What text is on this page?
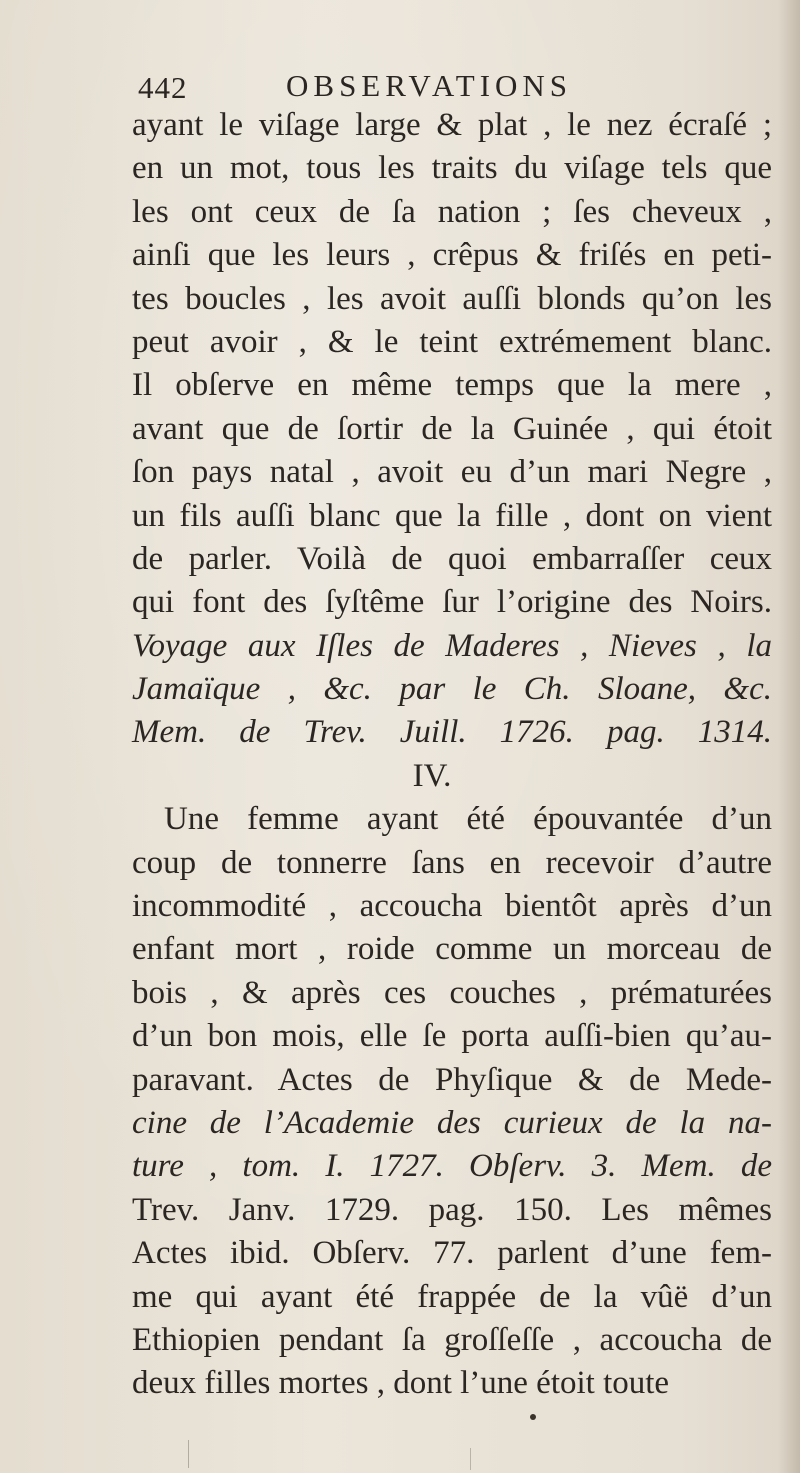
442	OBSERVATIONS
ayant le viſage large & plat , le nez écraſé ;
en un mot, tous les traits du viſage tels que
les ont ceux de ſa nation ; ſes cheveux ,
ainſi que les leurs , crêpus & friſés en peti-
tes boucles , les avoit auſſi blonds qu’on les
peut avoir , & le teint extrémement blanc.
Il obſerve en même temps que la mere ,
avant que de ſortir de la Guinée , qui étoit
ſon pays natal , avoit eu d’un mari Negre ,
un fils auſſi blanc que la fille , dont on vient
de parler. Voilà de quoi embarraſſer ceux
qui font des ſyſtême ſur l’origine des Noirs.
Voyage aux Iſles de Maderes , Nieves , la
Jamaïque , &c. par le Ch. Sloane, &c.
Mem. de Trev. Juill. 1726. pag. 1314.
IV.
Une femme ayant été épouvantée d’un
coup de tonnerre ſans en recevoir d’autre
incommodité , accoucha bientôt après d’un
enfant mort , roide comme un morceau de
bois , & après ces couches , prématurées
d’un bon mois, elle ſe porta auſſi-bien qu’au-
paravant. Actes de Phyſique & de Mede-
cine de l’Academie des curieux de la na-
ture , tom. I. 1727. Obſerv. 3. Mem. de
Trev. Janv. 1729. pag. 150. Les mêmes
Actes ibid. Obſerv. 77. parlent d’une fem-
me qui ayant été frappée de la vûë d’un
Ethiopien pendant ſa groſſeſſe , accoucha de
deux filles mortes , dont l’une étoit toute
